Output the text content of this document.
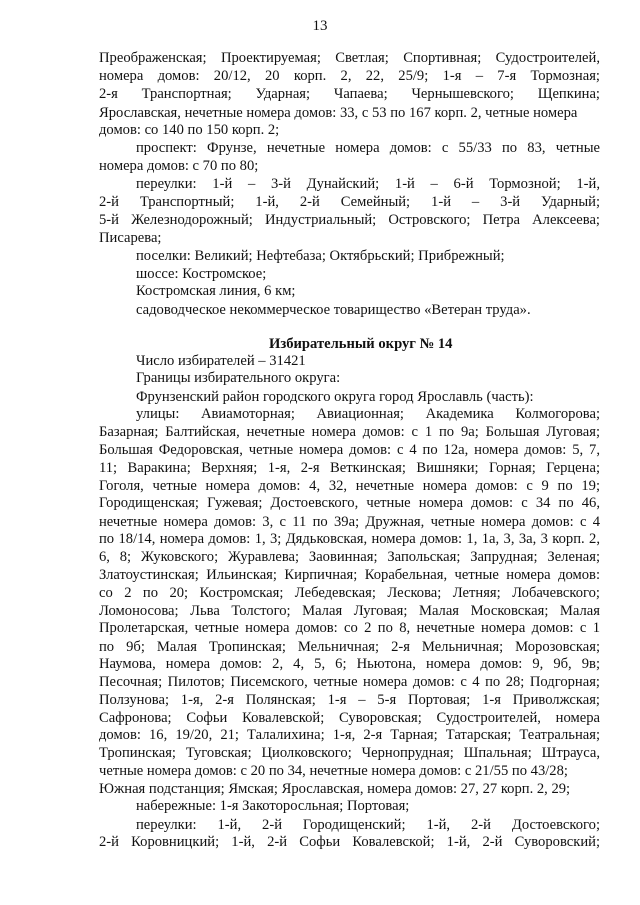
13
Преображенская; Проектируемая; Светлая; Спортивная; Судостроителей,
номера домов: 20/12, 20 корп. 2, 22, 25/9; 1-я – 7-я Тормозная;
2-я Транспортная; Ударная; Чапаева; Чернышевского; Щепкина;
Ярославская, нечетные номера домов: 33, с 53 по 167 корп. 2, четные номера
домов: со 140 по 150 корп. 2;
проспект: Фрунзе, нечетные номера домов: с 55/33 по 83, четные
номера домов: с 70 по 80;
переулки: 1-й – 3-й Дунайский; 1-й – 6-й Тормозной; 1-й,
2-й Транспортный; 1-й, 2-й Семейный; 1-й – 3-й Ударный;
5-й Железнодорожный; Индустриальный; Островского; Петра Алексеева;
Писарева;
поселки: Великий; Нефтебаза; Октябрьский; Прибрежный;
шоссе: Костромское;
Костромская линия, 6 км;
садоводческое некоммерческое товарищество «Ветеран труда».
Избирательный округ № 14
Число избирателей – 31421
Границы избирательного округа:
Фрунзенский район городского округа город Ярославль (часть):
улицы: Авиамоторная; Авиационная; Академика Колмогорова;
Базарная; Балтийская, нечетные номера домов: с 1 по 9а; Большая Луговая;
Большая Федоровская, четные номера домов: с 4 по 12а, номера домов: 5, 7,
11; Варакина; Верхняя; 1-я, 2-я Веткинская; Вишняки; Горная; Герцена;
Гоголя, четные номера домов: 4, 32, нечетные номера домов: с 9 по 19;
Городищенская; Гужевая; Достоевского, четные номера домов: с 34 по 46,
нечетные номера домов: 3, с 11 по 39а; Дружная, четные номера домов: с 4
по 18/14, номера домов: 1, 3; Дядьковская, номера домов: 1, 1а, 3, 3а, 3 корп. 2,
6, 8; Жуковского; Журавлева; Заовинная; Запольская; Запрудная; Зеленая;
Златоустинская; Ильинская; Кирпичная; Корабельная, четные номера домов:
со 2 по 20; Костромская; Лебедевская; Лескова; Летняя; Лобачевского;
Ломоносова; Льва Толстого; Малая Луговая; Малая Московская; Малая
Пролетарская, четные номера домов: со 2 по 8, нечетные номера домов: с 1
по 9б; Малая Тропинская; Мельничная; 2-я Мельничная; Морозовская;
Наумова, номера домов: 2, 4, 5, 6; Ньютона, номера домов: 9, 9б, 9в;
Песочная; Пилотов; Писемского, четные номера домов: с 4 по 28; Подгорная;
Ползунова; 1-я, 2-я Полянская; 1-я – 5-я Портовая; 1-я Приволжская;
Сафронова; Софьи Ковалевской; Суворовская; Судостроителей, номера
домов: 16, 19/20, 21; Талалихина; 1-я, 2-я Тарная; Татарская; Театральная;
Тропинская; Туговская; Циолковского; Чернопрудная; Шпальная; Штрауса,
четные номера домов: с 20 по 34, нечетные номера домов: с 21/55 по 43/28;
Южная подстанция; Ямская; Ярославская, номера домов: 27, 27 корп. 2, 29;
набережные: 1-я Закоторосльная; Портовая;
переулки: 1-й, 2-й Городищенский; 1-й, 2-й Достоевского;
2-й Коровницкий; 1-й, 2-й Софьи Ковалевской; 1-й, 2-й Суворовский;
